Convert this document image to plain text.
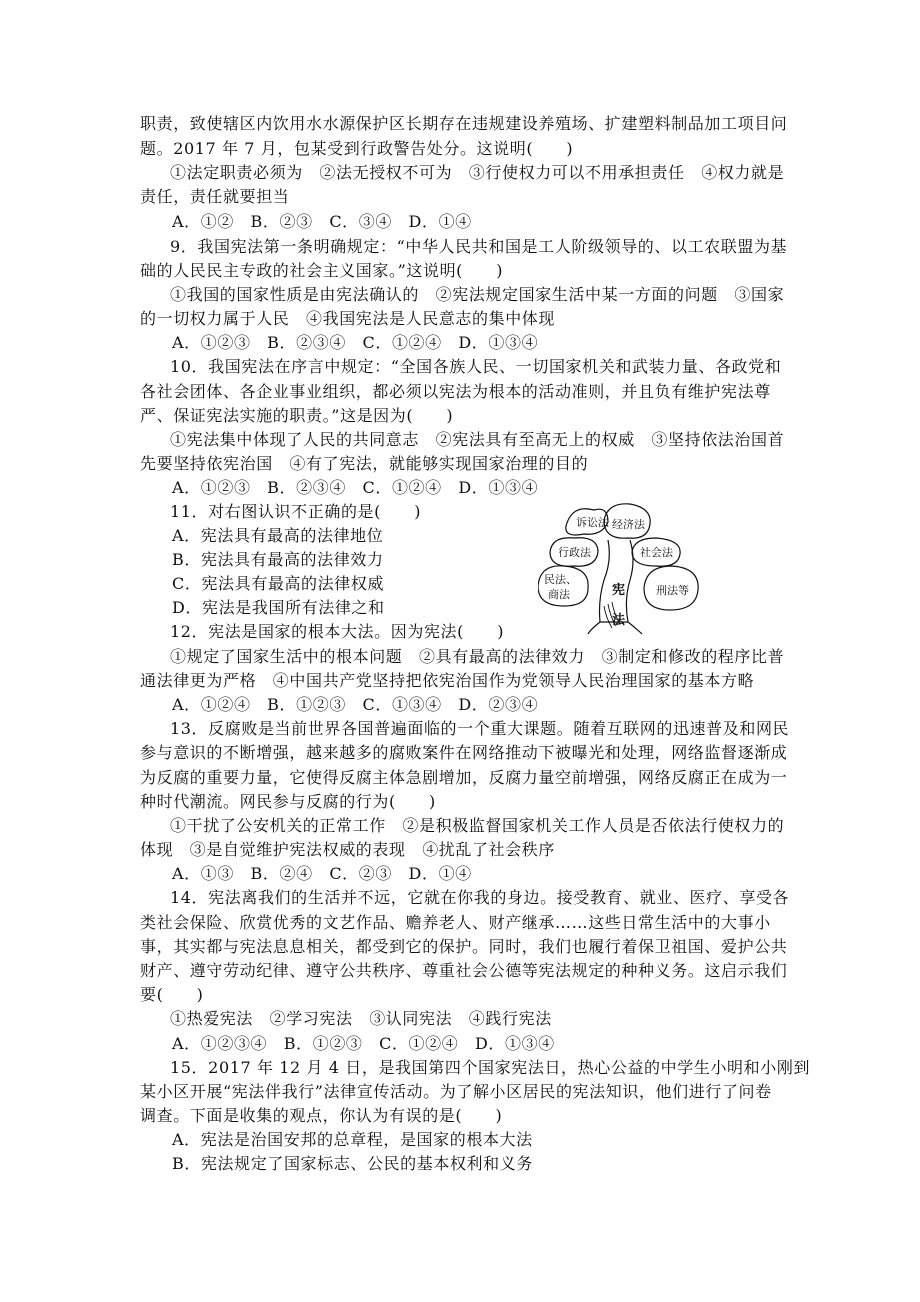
职责，致使辖区内饮用水水源保护区长期存在违规建设养殖场、扩建塑料制品加工项目问
题。2017 年 7 月，包某受到行政警告处分。这说明(　　)
①法定职责必须为　②法无授权不可为　③行使权力可以不用承担责任　④权力就是
责任，责任就要担当
A．①②　B．②③　C．③④　D．①④
9．我国宪法第一条明确规定：“中华人民共和国是工人阶级领导的、以工农联盟为基
础的人民民主专政的社会主义国家。”这说明(　　)
①我国的国家性质是由宪法确认的　②宪法规定国家生活中某一方面的问题　③国家
的一切权力属于人民　④我国宪法是人民意志的集中体现
A．①②③　B．②③④　C．①②④　D．①③④
10．我国宪法在序言中规定：“全国各族人民、一切国家机关和武装力量、各政党和
各社会团体、各企业事业组织，都必须以宪法为根本的活动准则，并且负有维护宪法尊
严、保证宪法实施的职责。”这是因为(　　)
①宪法集中体现了人民的共同意志　②宪法具有至高无上的权威　③坚持依法治国首
先要坚持依宪治国　④有了宪法，就能够实现国家治理的目的
A．①②③　B．②③④　C．①②④　D．①③④
11．对右图认识不正确的是(　　)
A．宪法具有最高的法律地位
B．宪法具有最高的法律效力
C．宪法具有最高的法律权威
D．宪法是我国所有法律之和
诉讼法 经济法
行政法	社会法
民法、
商法	刑法等
宪
法
12．宪法是国家的根本大法。因为宪法(　　)
①规定了国家生活中的根本问题　②具有最高的法律效力　③制定和修改的程序比普
通法律更为严格　④中国共产党坚持把依宪治国作为党领导人民治理国家的基本方略
A．①②④　B．①②③　C．①③④　D．②③④
13．反腐败是当前世界各国普遍面临的一个重大课题。随着互联网的迅速普及和网民
参与意识的不断增强，越来越多的腐败案件在网络推动下被曝光和处理，网络监督逐渐成
为反腐的重要力量，它使得反腐主体急剧增加，反腐力量空前增强，网络反腐正在成为一
种时代潮流。网民参与反腐的行为(　　)
①干扰了公安机关的正常工作　②是积极监督国家机关工作人员是否依法行使权力的
体现　③是自觉维护宪法权威的表现　④扰乱了社会秩序
A．①③　B．②④　C．②③　D．①④
14．宪法离我们的生活并不远，它就在你我的身边。接受教育、就业、医疗、享受各
类社会保险、欣赏优秀的文艺作品、赡养老人、财产继承……这些日常生活中的大事小
事，其实都与宪法息息相关，都受到它的保护。同时，我们也履行着保卫祖国、爱护公共
财产、遵守劳动纪律、遵守公共秩序、尊重社会公德等宪法规定的种种义务。这启示我们
要(　　)
①热爱宪法　②学习宪法　③认同宪法　④践行宪法
A．①②③④　B．①②③　C．①②④　D．①③④
15．2017 年 12 月 4 日，是我国第四个国家宪法日，热心公益的中学生小明和小刚到
某小区开展“宪法伴我行”法律宣传活动。为了解小区居民的宪法知识，他们进行了问卷
调查。下面是收集的观点，你认为有误的是(　　)
A．宪法是治国安邦的总章程，是国家的根本大法
B．宪法规定了国家标志、公民的基本权利和义务
